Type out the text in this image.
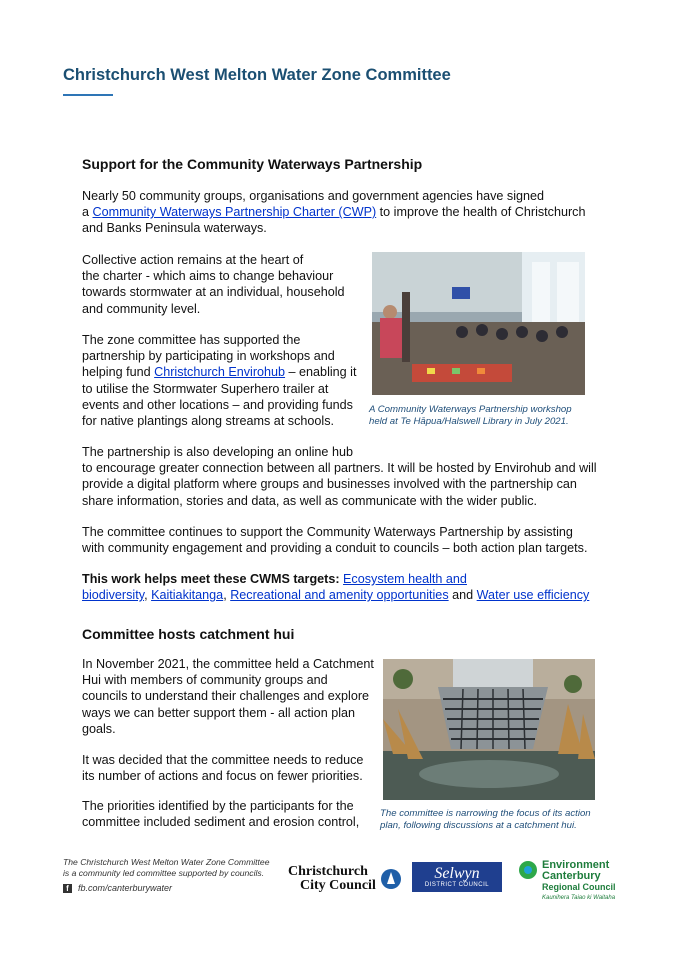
Christchurch West Melton Water Zone Committee
Support for the Community Waterways Partnership

Nearly 50 community groups, organisations and government agencies have signed
a Community Waterways Partnership Charter (CWP) to improve the health of Christchurch
and Banks Peninsula waterways.

Collective action remains at the heart of
the charter - which aims to change behaviour
towards stormwater at an individual, household
and community level.

The zone committee has supported the
partnership by participating in workshops and
helping fund Christchurch Envirohub – enabling it
to utilise the Stormwater Superhero trailer at
events and other locations – and providing funds
for native plantings along streams at schools.

A Community Waterways Partnership workshop
held at Te Hāpua/Halswell Library in July 2021.

The partnership is also developing an online hub
to encourage greater connection between all partners. It will be hosted by Envirohub and will
provide a digital platform where groups and businesses involved with the partnership can
share information, stories and data, as well as communicate with the wider public.

The committee continues to support the Community Waterways Partnership by assisting
with community engagement and providing a conduit to councils – both action plan targets.

This work helps meet these CWMS targets: Ecosystem health and
biodiversity, Kaitiakitanga, Recreational and amenity opportunities and Water use efficiency

Committee hosts catchment hui

In November 2021, the committee held a Catchment
Hui with members of community groups and
councils to understand their challenges and explore
ways we can better support them - all action plan
goals.

It was decided that the committee needs to reduce
its number of actions and focus on fewer priorities.

The priorities identified by the participants for the
committee included sediment and erosion control,

The committee is narrowing the focus of its action
plan, following discussions at a catchment hui.
The Christchurch West Melton Water Zone Committee
is a community led committee supported by councils.
f	fb.com/canterburywater
Christchurch
City Council
Selwyn
DISTRICT COUNCIL
Environment
Canterbury
Regional Council
Kaunihera Taiao ki Waitaha
